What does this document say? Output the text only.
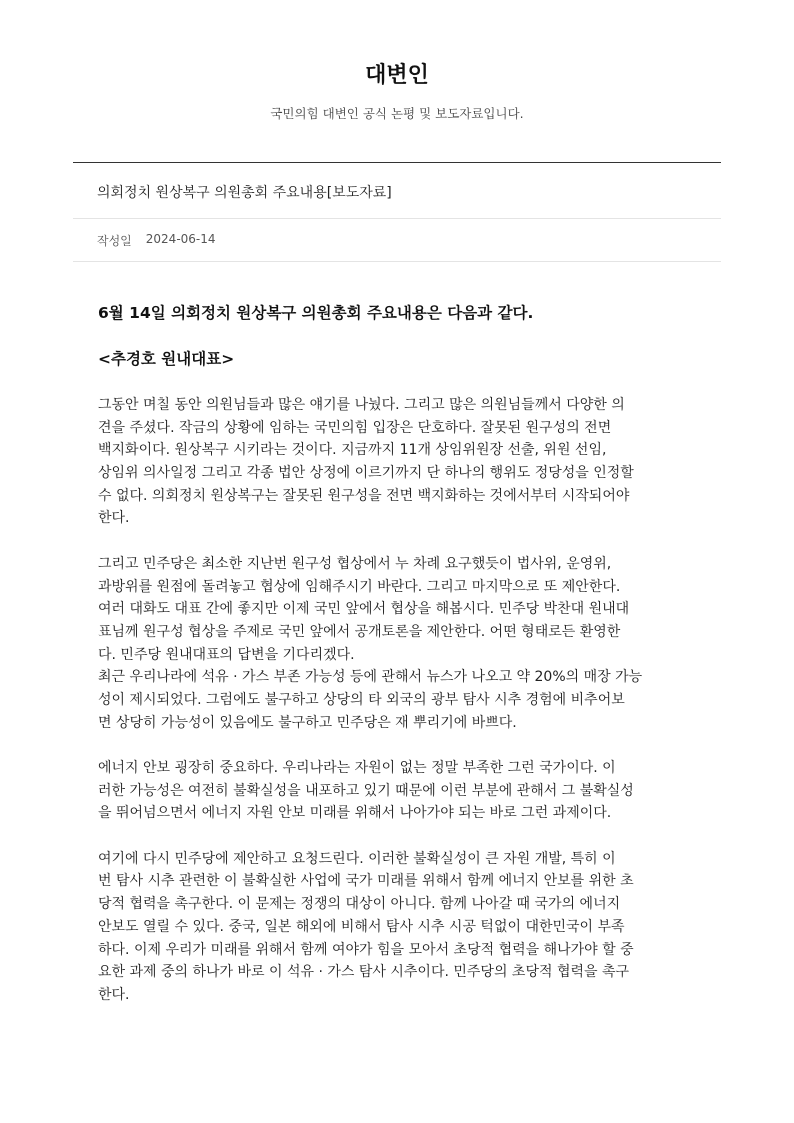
대변인
국민의힘 대변인 공식 논평 및 보도자료입니다.
의회정치 원상복구 의원총회 주요내용[보도자료]
작성일 2024-06-14

6월 14일 의회정치 원상복구 의원총회 주요내용은 다음과 같다.

<추경호 원내대표>

그동안 며칠 동안 의원님들과 많은 얘기를 나눴다. 그리고 많은 의원님들께서 다양한 의
견을 주셨다. 작금의 상황에 임하는 국민의힘 입장은 단호하다. 잘못된 원구성의 전면
백지화이다. 원상복구 시키라는 것이다. 지금까지 11개 상임위원장 선출, 위원 선임,
상임위 의사일정 그리고 각종 법안 상정에 이르기까지 단 하나의 행위도 정당성을 인정할
수 없다. 의회정치 원상복구는 잘못된 원구성을 전면 백지화하는 것에서부터 시작되어야
한다.

그리고 민주당은 최소한 지난번 원구성 협상에서 누 차례 요구했듯이 법사위, 운영위,
과방위를 원점에 돌려놓고 협상에 임해주시기 바란다. 그리고 마지막으로 또 제안한다.
여러 대화도 대표 간에 좋지만 이제 국민 앞에서 협상을 해봅시다. 민주당 박찬대 원내대
표님께 원구성 협상을 주제로 국민 앞에서 공개토론을 제안한다. 어떤 형태로든 환영한
다. 민주당 원내대표의 답변을 기다리겠다.
최근 우리나라에 석유 · 가스 부존 가능성 등에 관해서 뉴스가 나오고 약 20%의 매장 가능
성이 제시되었다. 그럼에도 불구하고 상당의 타 외국의 광부 탐사 시추 경험에 비추어보
면 상당히 가능성이 있음에도 불구하고 민주당은 재 뿌리기에 바쁘다.

에너지 안보 굉장히 중요하다. 우리나라는 자원이 없는 정말 부족한 그런 국가이다. 이
러한 가능성은 여전히 불확실성을 내포하고 있기 때문에 이런 부분에 관해서 그 불확실성
을 뛰어넘으면서 에너지 자원 안보 미래를 위해서 나아가야 되는 바로 그런 과제이다.

여기에 다시 민주당에 제안하고 요청드린다. 이러한 불확실성이 큰 자원 개발, 특히 이
번 탐사 시추 관련한 이 불확실한 사업에 국가 미래를 위해서 함께 에너지 안보를 위한 초
당적 협력을 촉구한다. 이 문제는 정쟁의 대상이 아니다. 함께 나아갈 때 국가의 에너지
안보도 열릴 수 있다. 중국, 일본 해외에 비해서 탐사 시추 시공 턱없이 대한민국이 부족
하다. 이제 우리가 미래를 위해서 함께 여야가 힘을 모아서 초당적 협력을 해나가야 할 중
요한 과제 중의 하나가 바로 이 석유 · 가스 탐사 시추이다. 민주당의 초당적 협력을 촉구
한다.
